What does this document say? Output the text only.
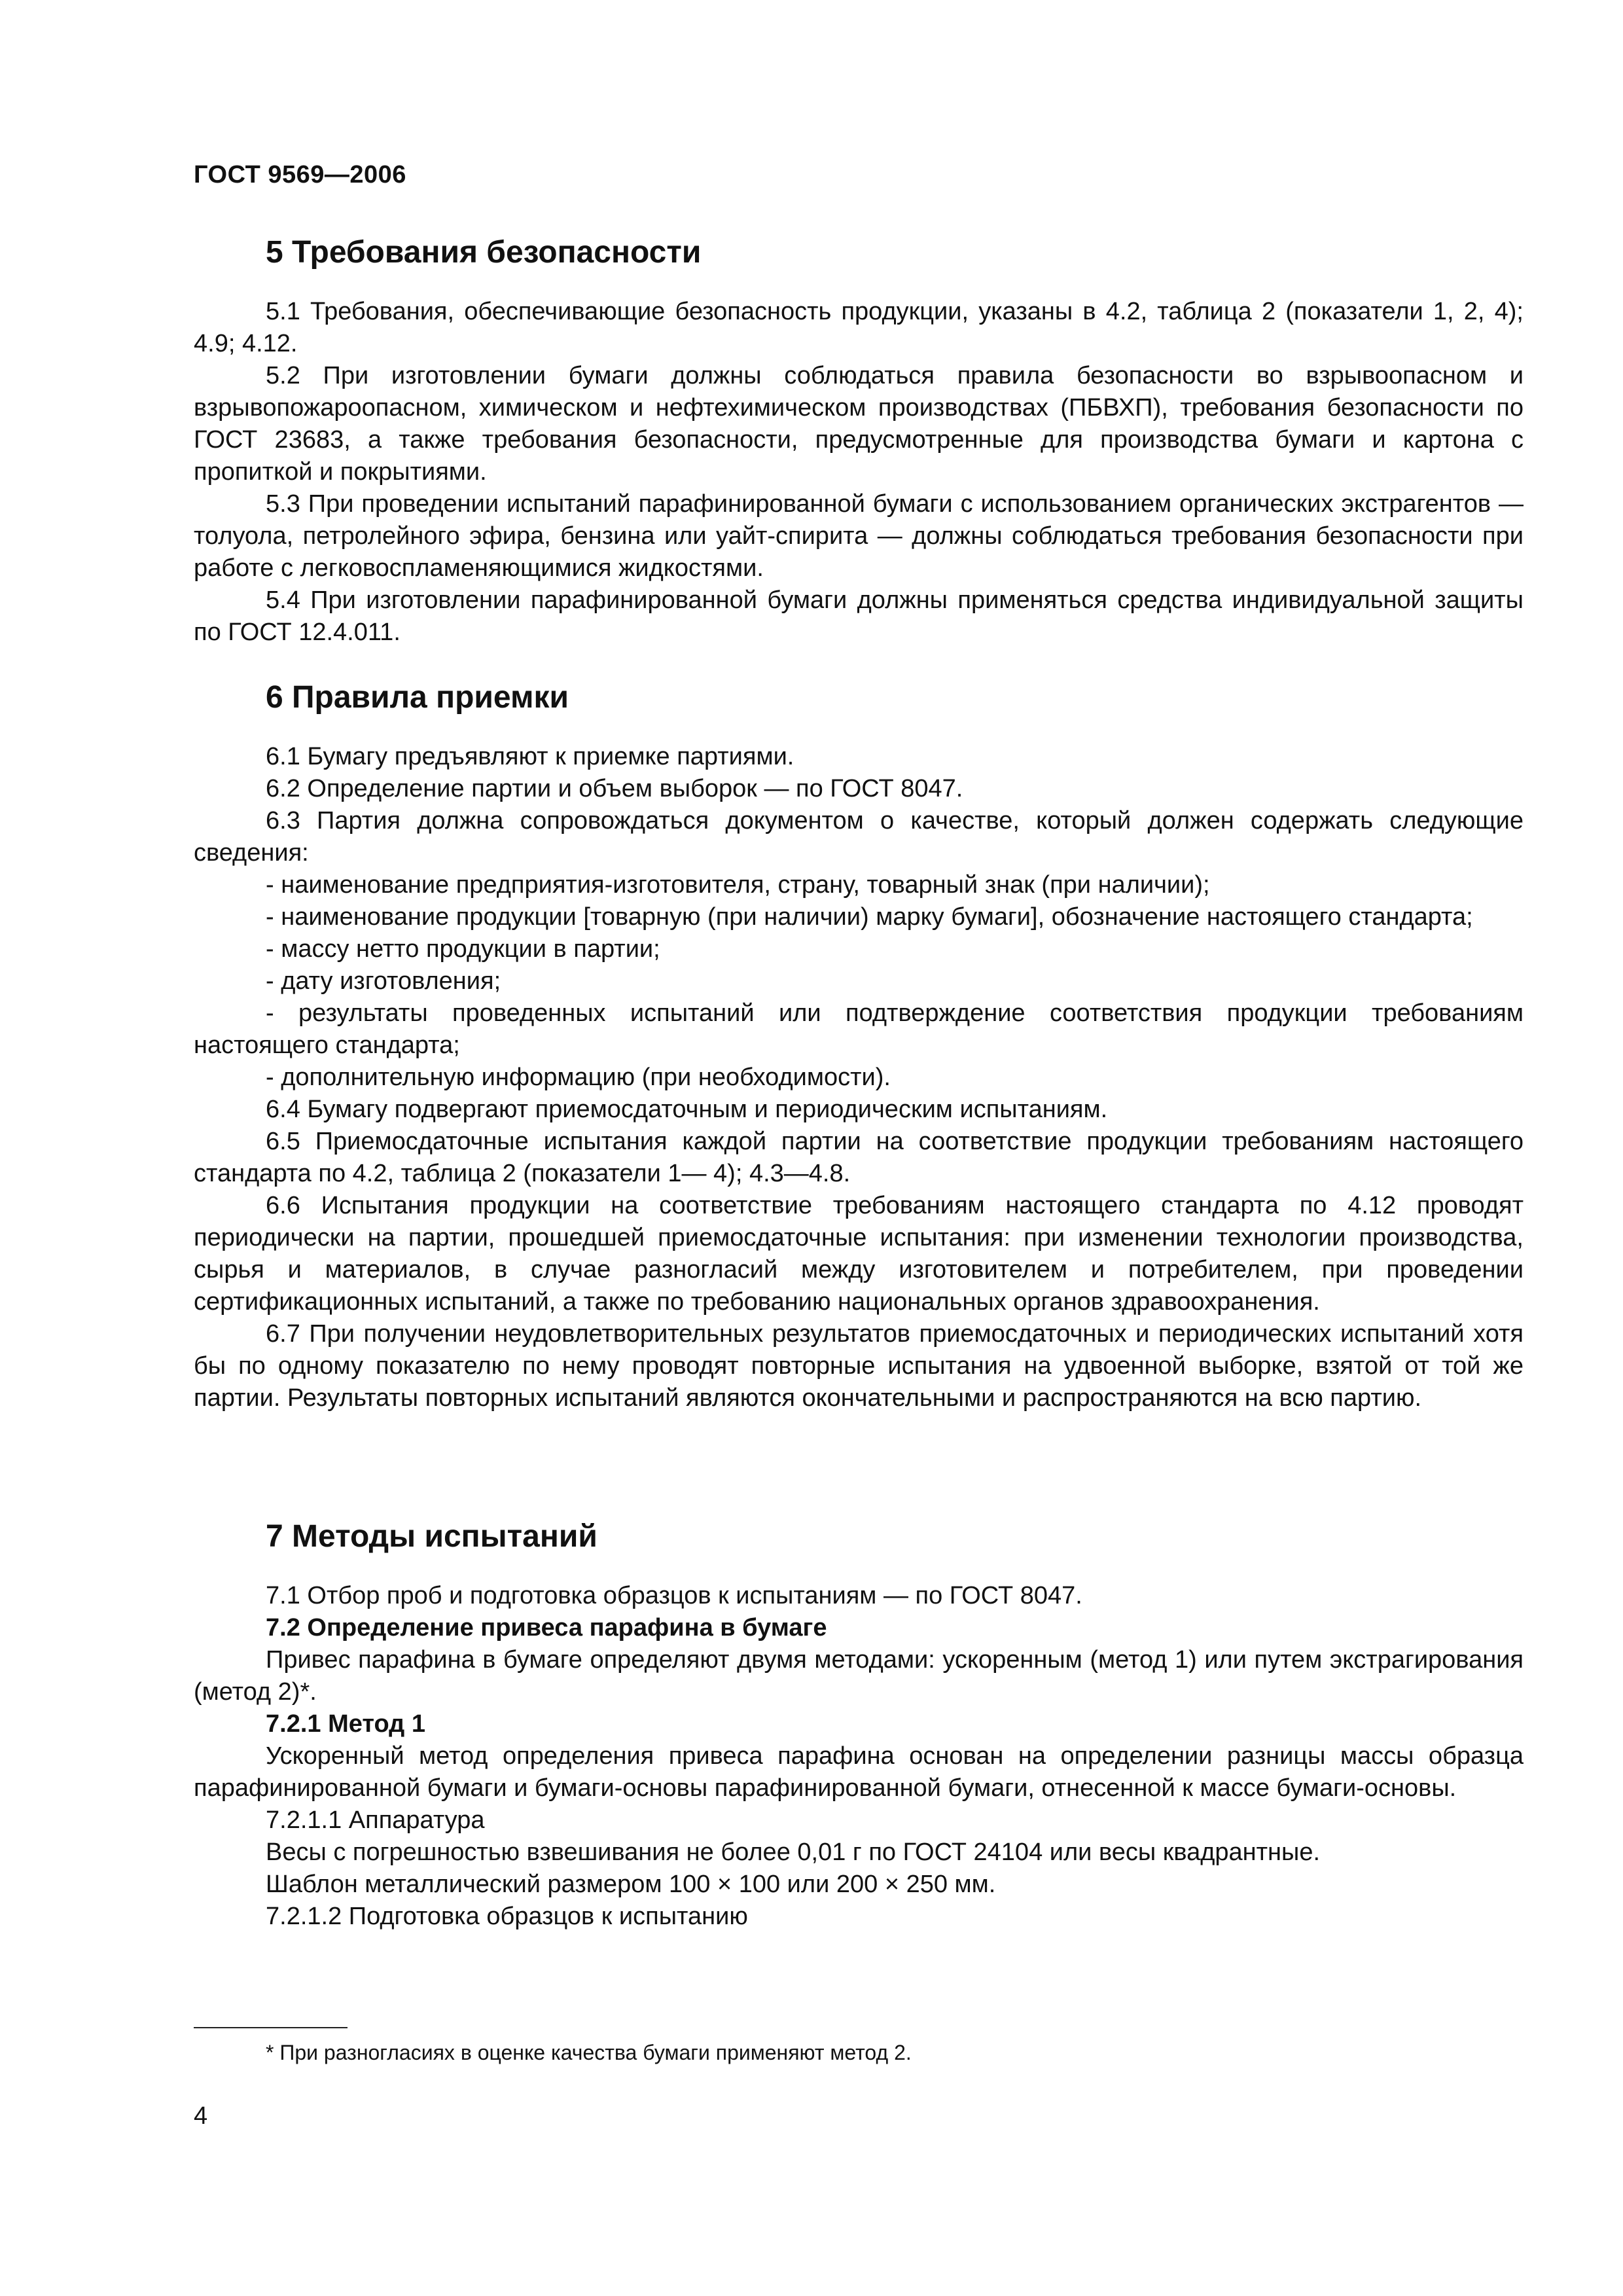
ГОСТ 9569—2006
5 Требования безопасности

5.1 Требования, обеспечивающие безопасность продукции, указаны в 4.2, таблица 2 (показатели 1, 2, 4); 4.9; 4.12.

5.2 При изготовлении бумаги должны соблюдаться правила безопасности во взрывоопасном и взрывопожароопасном, химическом и нефтехимическом производствах (ПБВХП), требования безопасности по ГОСТ 23683, а также требования безопасности, предусмотренные для производства бумаги и картона с пропиткой и покрытиями.

5.3 При проведении испытаний парафинированной бумаги с использованием органических экстрагентов — толуола, петролейного эфира, бензина или уайт-спирита — должны соблюдаться требования безопасности при работе с легковоспламеняющимися жидкостями.

5.4 При изготовлении парафинированной бумаги должны применяться средства индивидуальной защиты по ГОСТ 12.4.011.

6 Правила приемки

6.1 Бумагу предъявляют к приемке партиями.

6.2 Определение партии и объем выборок — по ГОСТ 8047.

6.3 Партия должна сопровождаться документом о качестве, который должен содержать следующие сведения:

- наименование предприятия-изготовителя, страну, товарный знак (при наличии);

- наименование продукции [товарную (при наличии) марку бумаги], обозначение настоящего стандарта;

- массу нетто продукции в партии;

- дату изготовления;

- результаты проведенных испытаний или подтверждение соответствия продукции требованиям настоящего стандарта;

- дополнительную информацию (при необходимости).

6.4 Бумагу подвергают приемосдаточным и периодическим испытаниям.

6.5 Приемосдаточные испытания каждой партии на соответствие продукции требованиям настоящего стандарта по 4.2, таблица 2 (показатели 1— 4); 4.3—4.8.

6.6 Испытания продукции на соответствие требованиям настоящего стандарта по 4.12 проводят периодически на партии, прошедшей приемосдаточные испытания: при изменении технологии производства, сырья и материалов, в случае разногласий между изготовителем и потребителем, при проведении сертификационных испытаний, а также по требованию национальных органов здравоохранения.

6.7 При получении неудовлетворительных результатов приемосдаточных и периодических испытаний хотя бы по одному показателю по нему проводят повторные испытания на удвоенной выборке, взятой от той же партии. Результаты повторных испытаний являются окончательными и распространяются на всю партию.

7 Методы испытаний

7.1 Отбор проб и подготовка образцов к испытаниям — по ГОСТ 8047.

7.2 Определение привеса парафина в бумаге

Привес парафина в бумаге определяют двумя методами: ускоренным (метод 1) или путем экстрагирования (метод 2)*.

7.2.1 Метод 1

Ускоренный метод определения привеса парафина основан на определении разницы массы образца парафинированной бумаги и бумаги-основы парафинированной бумаги, отнесенной к массе бумаги-основы.

7.2.1.1 Аппаратура

Весы с погрешностью взвешивания не более 0,01 г по ГОСТ 24104 или весы квадрантные.

Шаблон металлический размером 100 × 100 или 200 × 250 мм.

7.2.1.2 Подготовка образцов к испытанию

* При разногласиях в оценке качества бумаги применяют метод 2.
4
